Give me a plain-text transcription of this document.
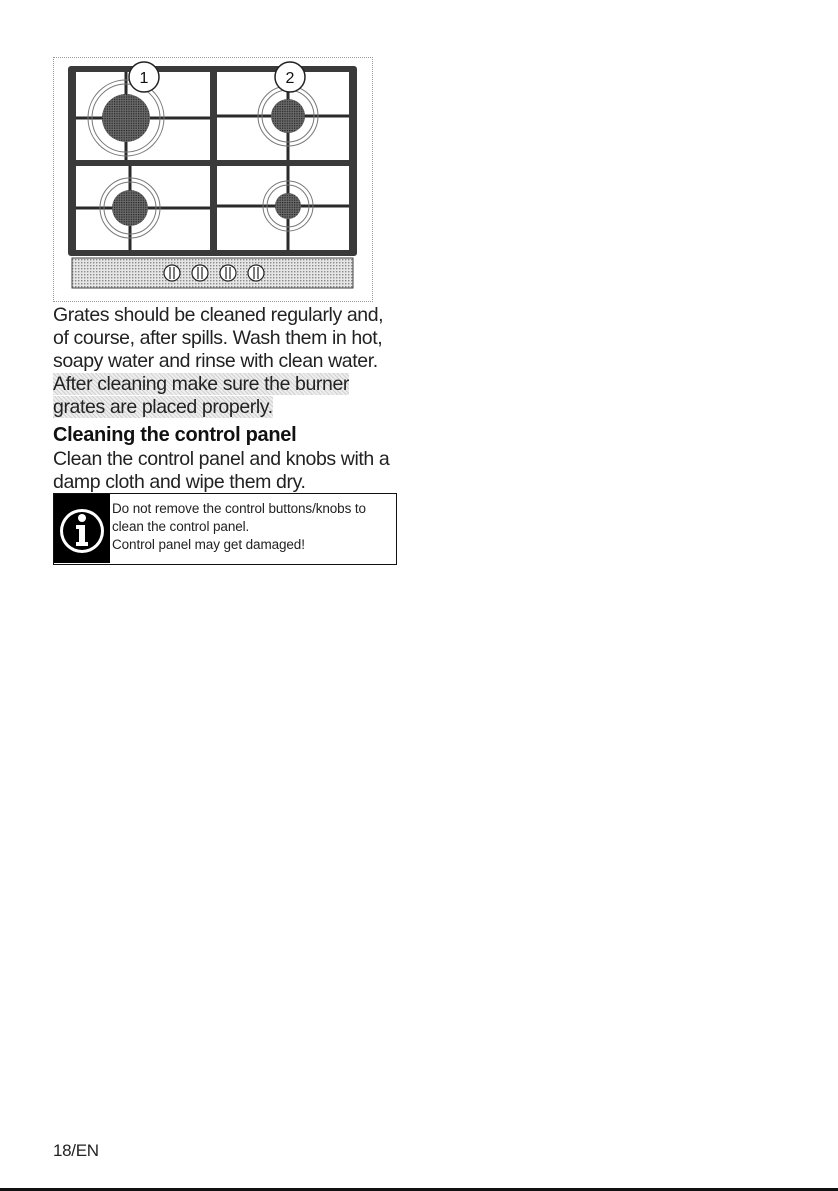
1	2

Grates should be cleaned regularly and, of course, after spills. Wash them in hot, soapy water and rinse with clean water.

After cleaning make sure the burner grates are placed properly.

Cleaning the control panel

Clean the control panel and knobs with a damp cloth and wipe them dry.

Do not remove the control buttons/knobs to
clean the control panel.
Control panel may get damaged!
18/EN
